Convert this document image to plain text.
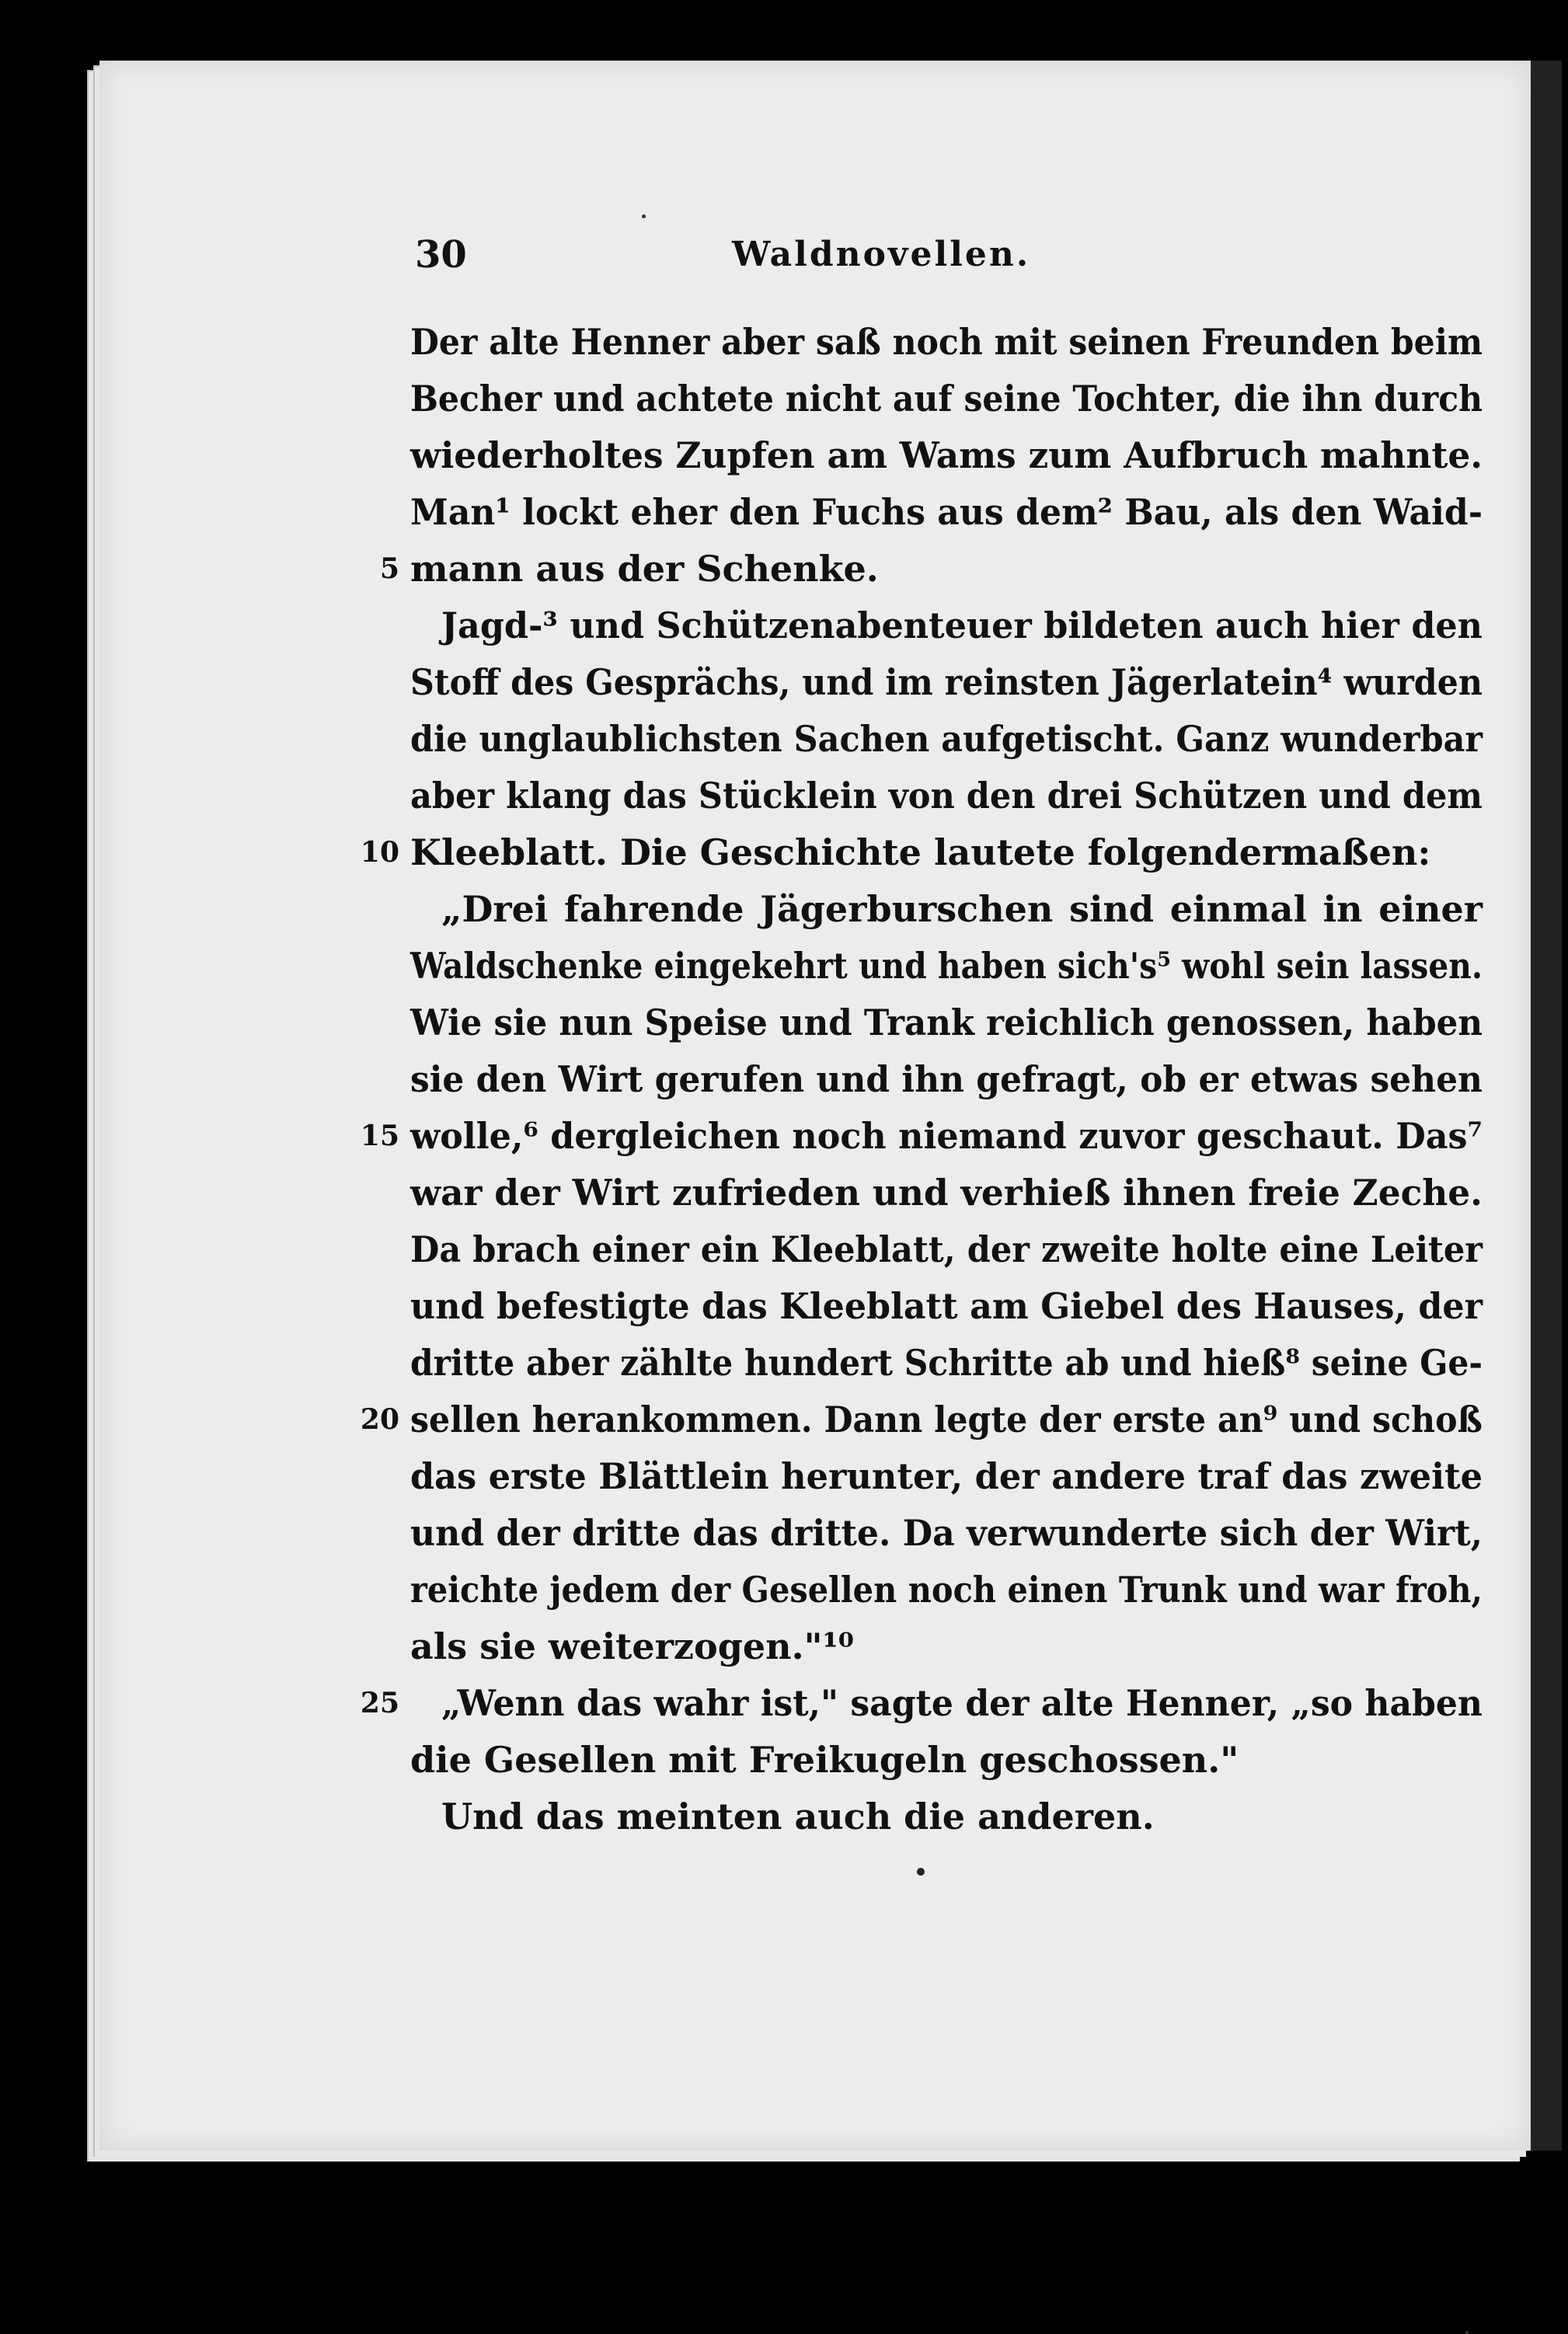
30	Waldnovellen.
Der alte Henner aber saß noch mit seinen Freunden beim
Becher und achtete nicht auf seine Tochter, die ihn durch
wiederholtes Zupfen am Wams zum Aufbruch mahnte.
Man¹ lockt eher den Fuchs aus dem² Bau, als den Waid-
mann aus der Schenke.
5
Jagd-³ und Schützenabenteuer bildeten auch hier den
Stoff des Gesprächs, und im reinsten Jägerlatein⁴ wurden
die unglaublichsten Sachen aufgetischt. Ganz wunderbar
aber klang das Stücklein von den drei Schützen und dem
Kleeblatt. Die Geschichte lautete folgendermaßen:
10
„Drei fahrende Jägerburschen sind einmal in einer
Waldschenke eingekehrt und haben sich's⁵ wohl sein lassen.
Wie sie nun Speise und Trank reichlich genossen, haben
sie den Wirt gerufen und ihn gefragt, ob er etwas sehen
wolle,⁶ dergleichen noch niemand zuvor geschaut. Das⁷
15
war der Wirt zufrieden und verhieß ihnen freie Zeche.
Da brach einer ein Kleeblatt, der zweite holte eine Leiter
und befestigte das Kleeblatt am Giebel des Hauses, der
dritte aber zählte hundert Schritte ab und hieß⁸ seine Ge-
sellen herankommen. Dann legte der erste an⁹ und schoß
20
das erste Blättlein herunter, der andere traf das zweite
und der dritte das dritte. Da verwunderte sich der Wirt,
reichte jedem der Gesellen noch einen Trunk und war froh,
als sie weiterzogen."¹⁰
„Wenn das wahr ist," sagte der alte Henner, „so haben
25
die Gesellen mit Freikugeln geschossen."
Und das meinten auch die anderen.
